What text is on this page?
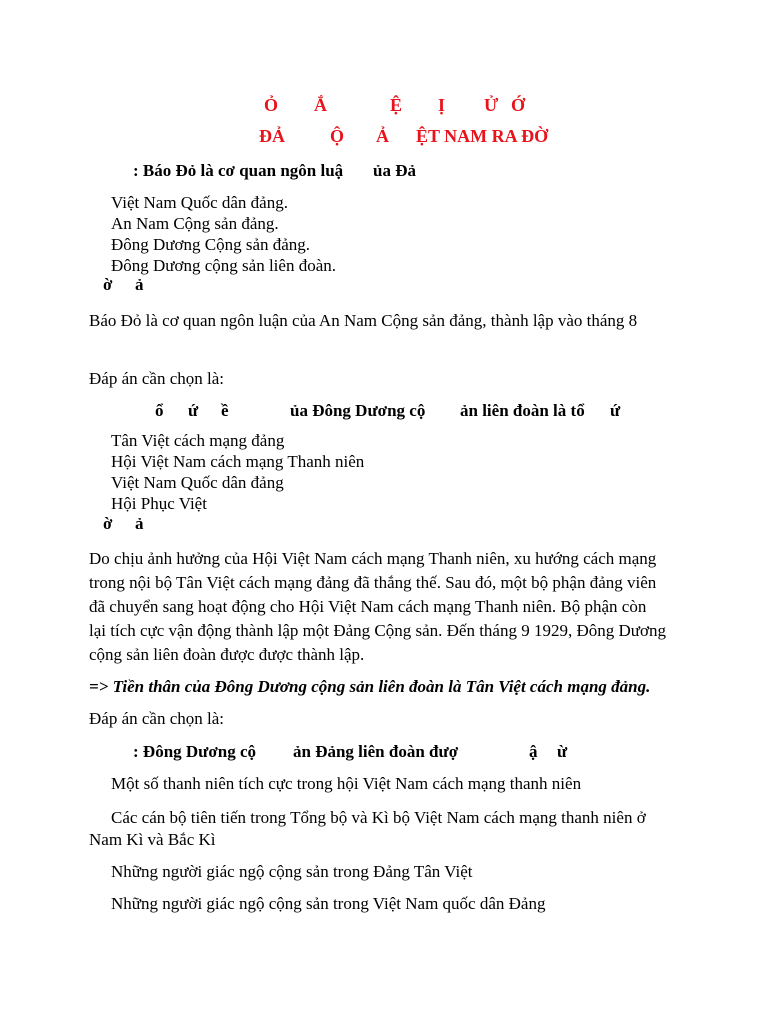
Ỏ Ắ	Ệ Ị Ử Ớ
ĐẢ	Ộ Ả ỆT NAM RA ĐỜ
: Báo Đỏ là cơ quan ngôn luậ ủa Đả
Việt Nam Quốc dân đảng.
An Nam Cộng sản đảng.
Đông Dương Cộng sản đảng.
Đông Dương cộng sản liên đoàn.
ờ ả
Báo Đỏ là cơ quan ngôn luận của An Nam Cộng sản đảng, thành lập vào tháng 8
Đáp án cần chọn là:
ổ ứ ề	ủa Đông Dương cộ ản liên đoàn là tổ ứ
Tân Việt cách mạng đảng
Hội Việt Nam cách mạng Thanh niên
Việt Nam Quốc dân đảng
Hội Phục Việt
ờ ả
Do chịu ảnh hưởng của Hội Việt Nam cách mạng Thanh niên, xu hướng cách mạng
trong nội bộ Tân Việt cách mạng đảng đã thắng thế. Sau đó, một bộ phận đảng viên
đã chuyển sang hoạt động cho Hội Việt Nam cách mạng Thanh niên. Bộ phận còn
lại tích cực vận động thành lập một Đảng Cộng sản. Đến tháng 9 1929, Đông Dương
cộng sản liên đoàn được được thành lập.
=> Tiền thân của Đông Dương cộng sản liên đoàn là Tân Việt cách mạng đảng.
Đáp án cần chọn là:
: Đông Dương cộ ản Đảng liên đoàn đượ	ậ ừ
Một số thanh niên tích cực trong hội Việt Nam cách mạng thanh niên
Các cán bộ tiên tiến trong Tổng bộ và Kì bộ Việt Nam cách mạng thanh niên ở
Nam Kì và Bắc Kì
Những người giác ngộ cộng sản trong Đảng Tân Việt
Những người giác ngộ cộng sản trong Việt Nam quốc dân Đảng
